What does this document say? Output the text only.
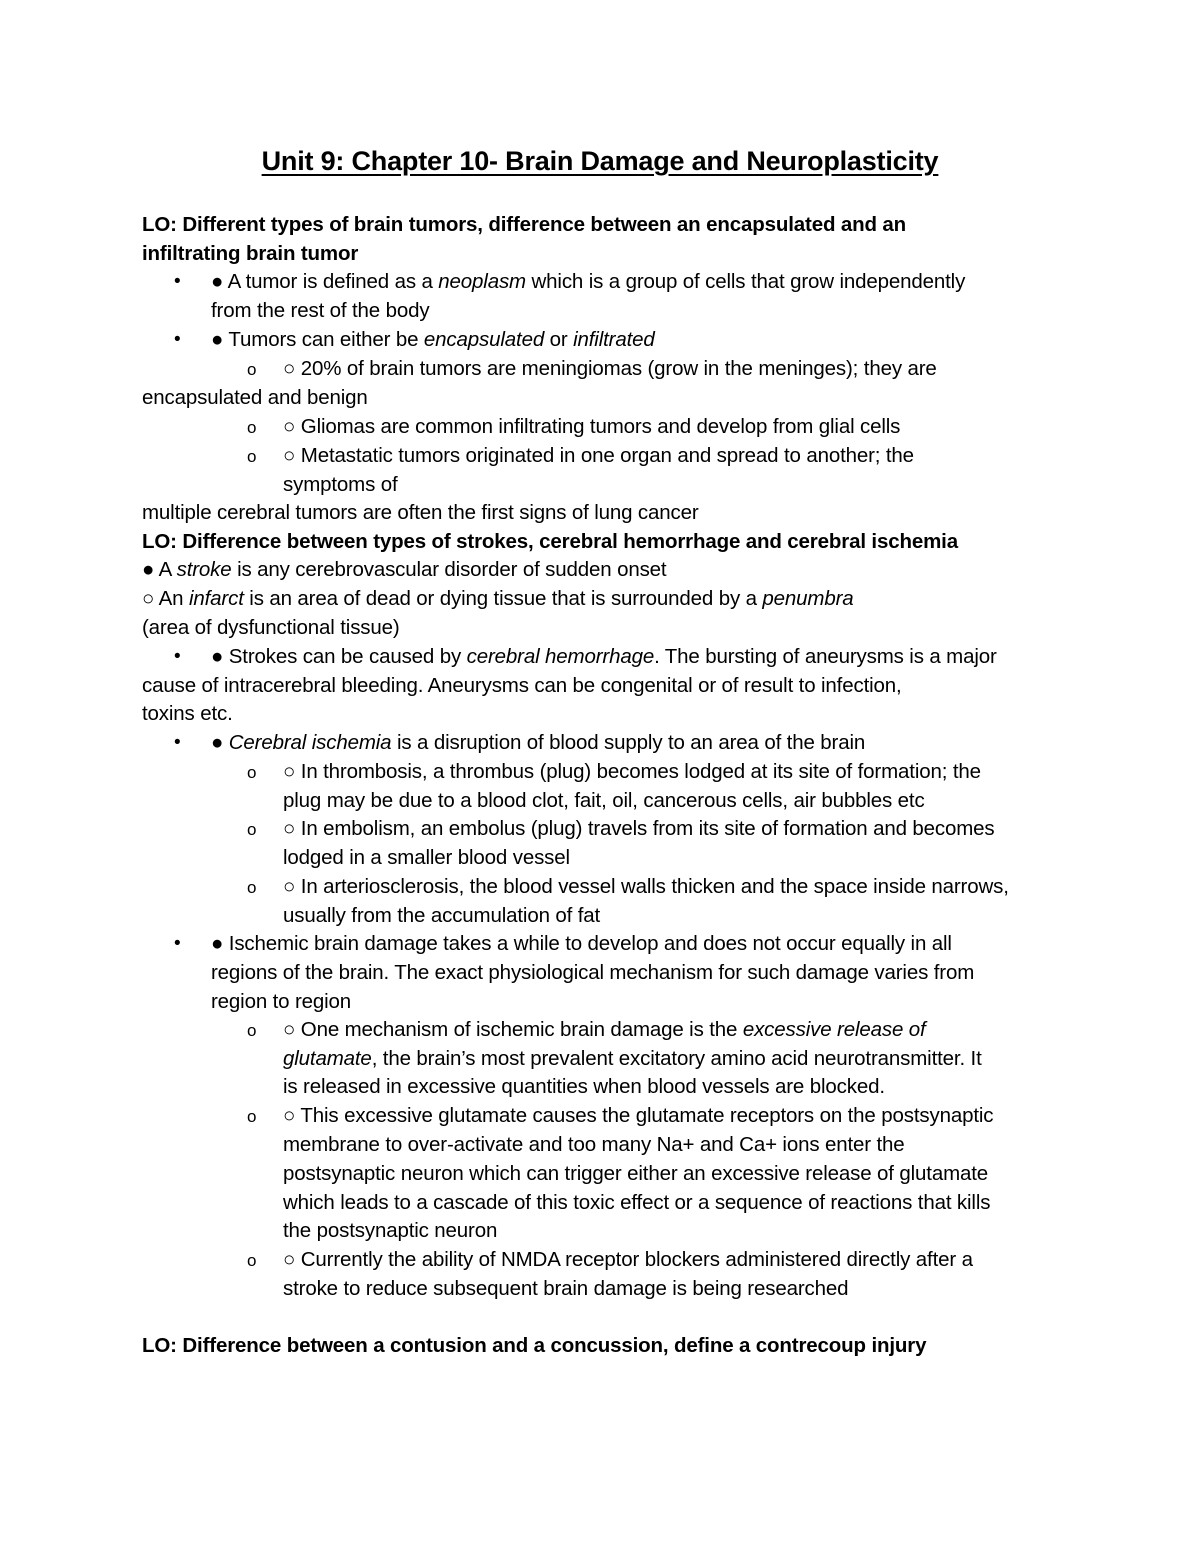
Unit 9: Chapter 10- Brain Damage and Neuroplasticity
LO: Different types of brain tumors, difference between an encapsulated and an
infiltrating brain tumor
• ● A tumor is defined as a neoplasm which is a group of cells that grow independently
from the rest of the body
• ● Tumors can either be encapsulated or infiltrated
o ○ 20% of brain tumors are meningiomas (grow in the meninges); they are
encapsulated and benign
o ○ Gliomas are common infiltrating tumors and develop from glial cells
o ○ Metastatic tumors originated in one organ and spread to another; the
symptoms of
multiple cerebral tumors are often the first signs of lung cancer
LO: Difference between types of strokes, cerebral hemorrhage and cerebral ischemia
● A stroke is any cerebrovascular disorder of sudden onset
○ An infarct is an area of dead or dying tissue that is surrounded by a penumbra
(area of dysfunctional tissue)
• ● Strokes can be caused by cerebral hemorrhage. The bursting of aneurysms is a major
cause of intracerebral bleeding. Aneurysms can be congenital or of result to infection,
toxins etc.
• ● Cerebral ischemia is a disruption of blood supply to an area of the brain
o ○ In thrombosis, a thrombus (plug) becomes lodged at its site of formation; the
plug may be due to a blood clot, fait, oil, cancerous cells, air bubbles etc
o ○ In embolism, an embolus (plug) travels from its site of formation and becomes
lodged in a smaller blood vessel
o ○ In arteriosclerosis, the blood vessel walls thicken and the space inside narrows,
usually from the accumulation of fat
• ● Ischemic brain damage takes a while to develop and does not occur equally in all
regions of the brain. The exact physiological mechanism for such damage varies from
region to region
o ○ One mechanism of ischemic brain damage is the excessive release of
glutamate, the brain’s most prevalent excitatory amino acid neurotransmitter. It
is released in excessive quantities when blood vessels are blocked.
o ○ This excessive glutamate causes the glutamate receptors on the postsynaptic
membrane to over-activate and too many Na+ and Ca+ ions enter the
postsynaptic neuron which can trigger either an excessive release of glutamate
which leads to a cascade of this toxic effect or a sequence of reactions that kills
the postsynaptic neuron
o ○ Currently the ability of NMDA receptor blockers administered directly after a
stroke to reduce subsequent brain damage is being researched
LO: Difference between a contusion and a concussion, define a contrecoup injury
